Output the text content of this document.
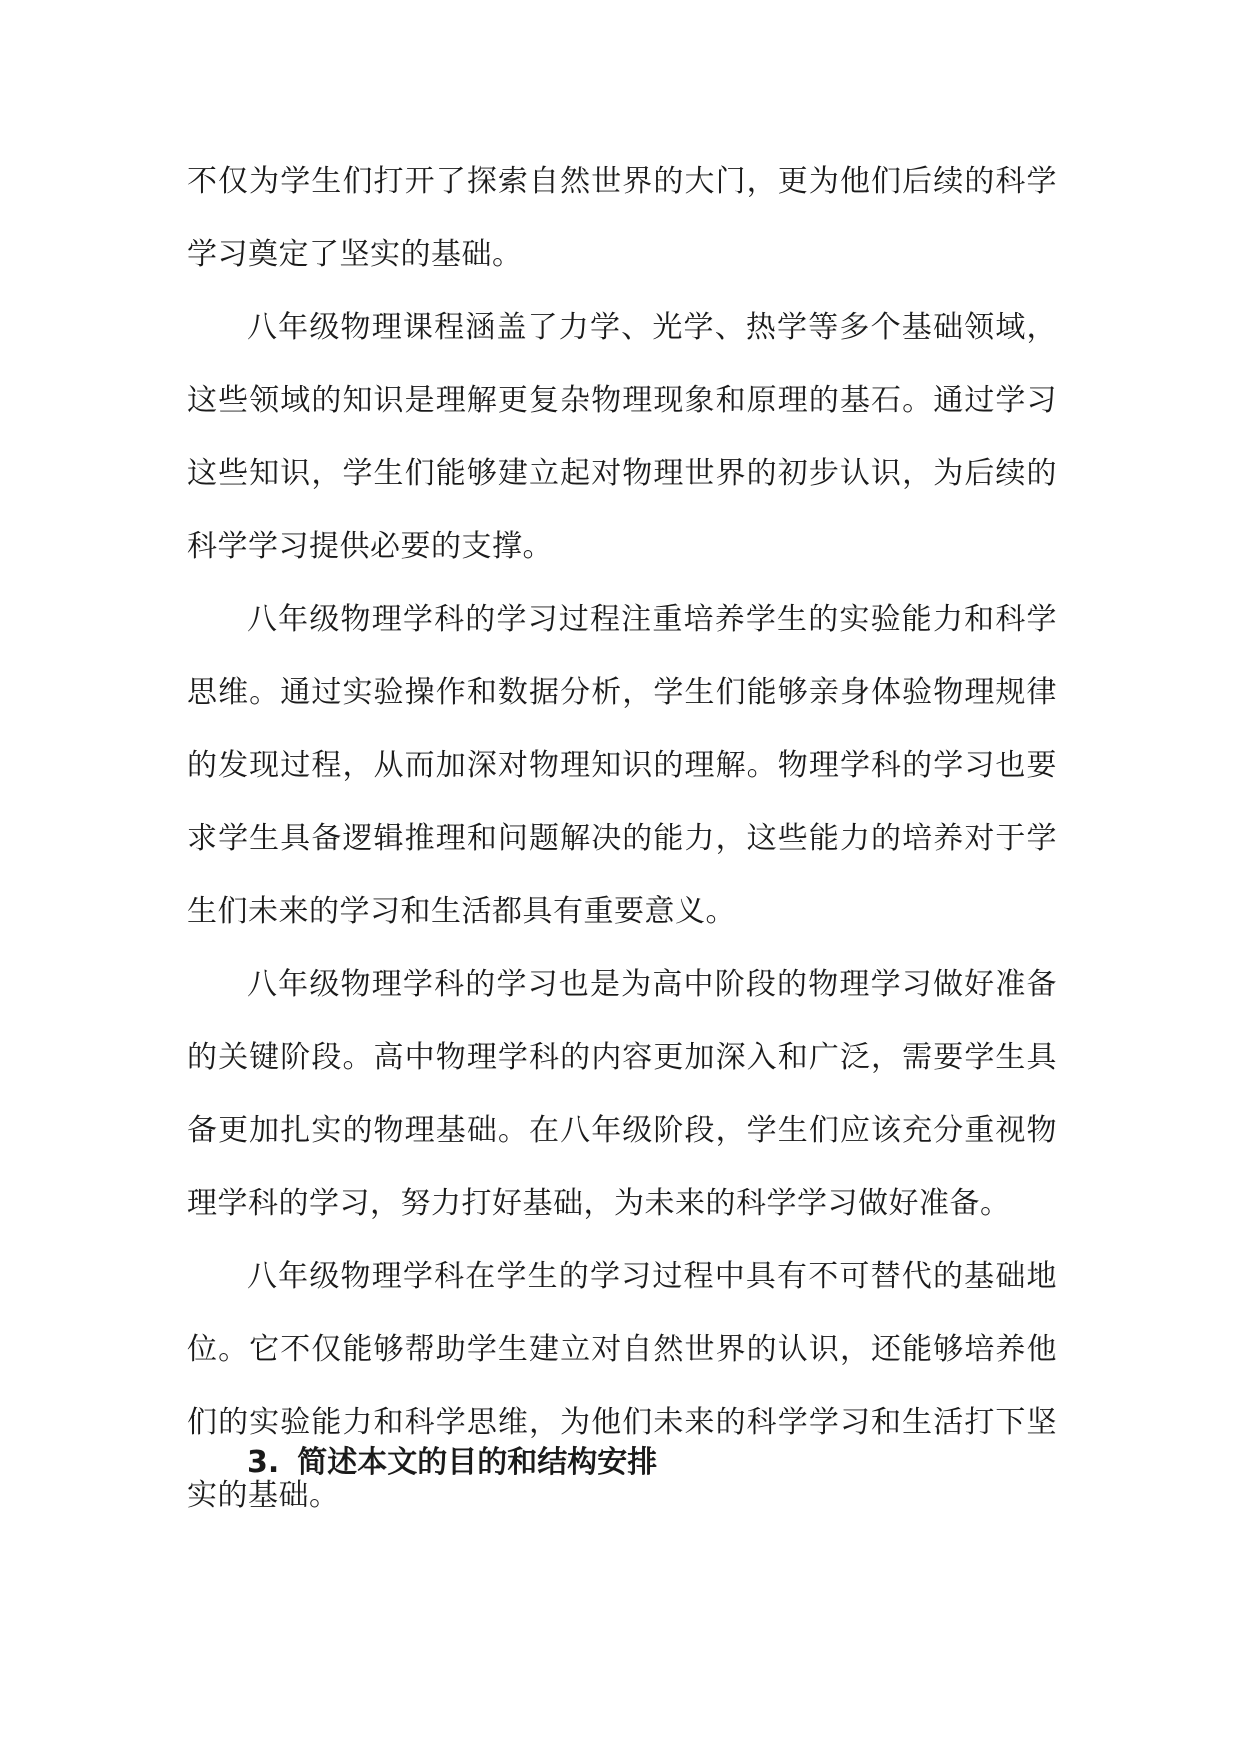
不仅为学生们打开了探索自然世界的大门，更为他们后续的科学学习奠定了坚实的基础。

八年级物理课程涵盖了力学、光学、热学等多个基础领域，这些领域的知识是理解更复杂物理现象和原理的基石。通过学习这些知识，学生们能够建立起对物理世界的初步认识，为后续的科学学习提供必要的支撑。

八年级物理学科的学习过程注重培养学生的实验能力和科学思维。通过实验操作和数据分析，学生们能够亲身体验物理规律的发现过程，从而加深对物理知识的理解。物理学科的学习也要求学生具备逻辑推理和问题解决的能力，这些能力的培养对于学生们未来的学习和生活都具有重要意义。

八年级物理学科的学习也是为高中阶段的物理学习做好准备的关键阶段。高中物理学科的内容更加深入和广泛，需要学生具备更加扎实的物理基础。在八年级阶段，学生们应该充分重视物理学科的学习，努力打好基础，为未来的科学学习做好准备。

八年级物理学科在学生的学习过程中具有不可替代的基础地位。它不仅能够帮助学生建立对自然世界的认识，还能够培养他们的实验能力和科学思维，为他们未来的科学学习和生活打下坚实的基础。

3. 简述本文的目的和结构安排
